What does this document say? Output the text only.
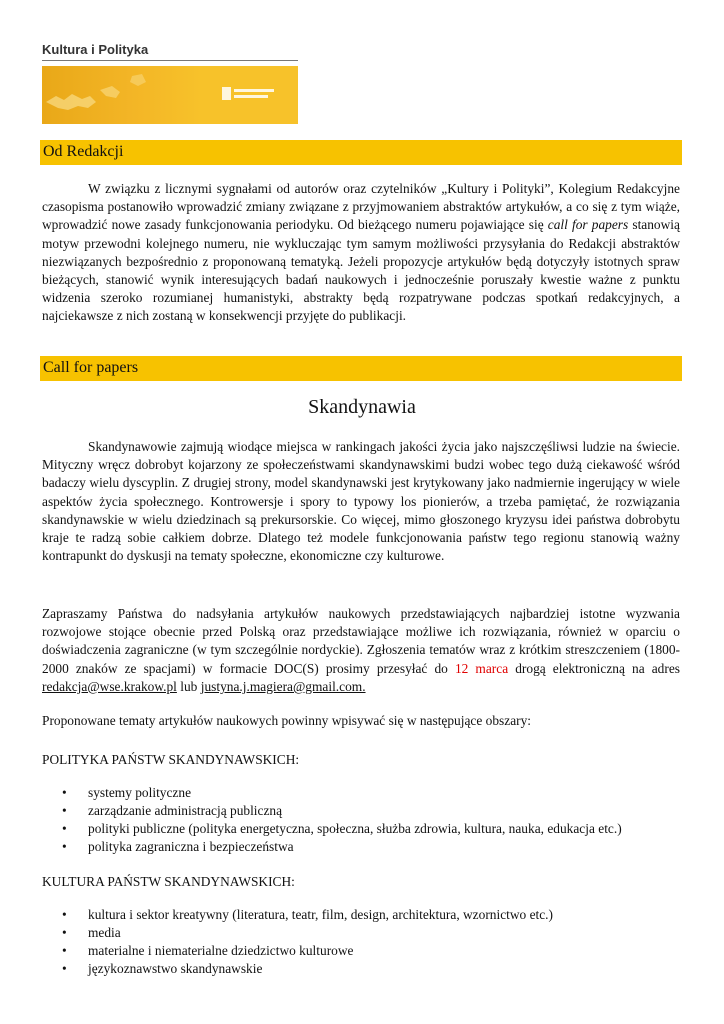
Kultura i Polityka
Od Redakcji

W związku z licznymi sygnałami od autorów oraz czytelników „Kultury i Polityki”, Kolegium Redakcyjne czasopisma postanowiło wprowadzić zmiany związane z przyjmowaniem abstraktów artykułów, a co się z tym wiąże, wprowadzić nowe zasady funkcjonowania periodyku. Od bieżącego numeru pojawiające się call for papers stanowią motyw przewodni kolejnego numeru, nie wykluczając tym samym możliwości przysyłania do Redakcji abstraktów niezwiązanych bezpośrednio z proponowaną tematyką. Jeżeli propozycje artykułów będą dotyczyły istotnych spraw bieżących, stanowić wynik interesujących badań naukowych i jednocześnie poruszały kwestie ważne z punktu widzenia szeroko rozumianej humanistyki, abstrakty będą rozpatrywane podczas spotkań redakcyjnych, a najciekawsze z nich zostaną w konsekwencji przyjęte do publikacji.

Call for papers
Skandynawia

Skandynawowie zajmują wiodące miejsca w rankingach jakości życia jako najszczęśliwsi ludzie na świecie. Mityczny wręcz dobrobyt kojarzony ze społeczeństwami skandynawskimi budzi wobec tego dużą ciekawość wśród badaczy wielu dyscyplin. Z drugiej strony, model skandynawski jest krytykowany jako nadmiernie ingerujący w wiele aspektów życia społecznego. Kontrowersje i spory to typowy los pionierów, a trzeba pamiętać, że rozwiązania skandynawskie w wielu dziedzinach są prekursorskie. Co więcej, mimo głoszonego kryzysu idei państwa dobrobytu kraje te radzą sobie całkiem dobrze. Dlatego też modele funkcjonowania państw tego regionu stanowią ważny kontrapunkt do dyskusji na tematy społeczne, ekonomiczne czy kulturowe.

Zapraszamy Państwa do nadsyłania artykułów naukowych przedstawiających najbardziej istotne wyzwania rozwojowe stojące obecnie przed Polską oraz przedstawiające możliwe ich rozwiązania, również w oparciu o doświadczenia zagraniczne (w tym szczególnie nordyckie). Zgłoszenia tematów wraz z krótkim streszczeniem (1800-2000 znaków ze spacjami) w formacie DOC(S) prosimy przesyłać do 12 marca drogą elektroniczną na adres redakcja@wse.krakow.pl lub justyna.j.magiera@gmail.com.

Proponowane tematy artykułów naukowych powinny wpisywać się w następujące obszary:

POLITYKA PAŃSTW SKANDYNAWSKICH:

• systemy polityczne
• zarządzanie administracją publiczną
• polityki publiczne (polityka energetyczna, społeczna, służba zdrowia, kultura, nauka, edukacja etc.)
• polityka zagraniczna i bezpieczeństwa

KULTURA PAŃSTW SKANDYNAWSKICH:

• kultura i sektor kreatywny (literatura, teatr, film, design, architektura, wzornictwo etc.)
• media
• materialne i niematerialne dziedzictwo kulturowe
• językoznawstwo skandynawskie
